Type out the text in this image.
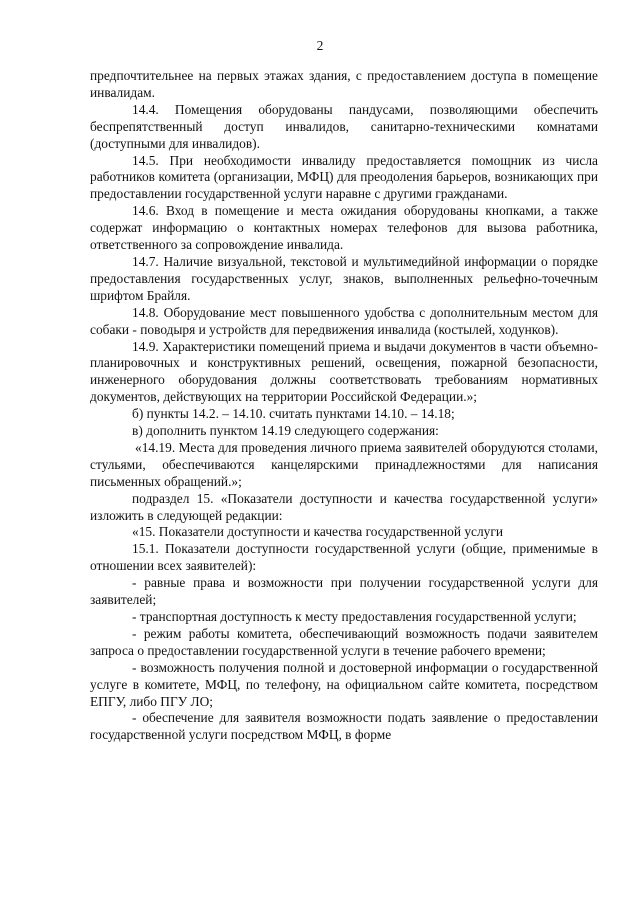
2

предпочтительнее на первых этажах здания, с предоставлением доступа в помещение инвалидам.

14.4. Помещения оборудованы пандусами, позволяющими обеспечить беспрепятственный доступ инвалидов, санитарно-техническими комнатами (доступными для инвалидов).

14.5. При необходимости инвалиду предоставляется помощник из числа работников комитета (организации, МФЦ) для преодоления барьеров, возникающих при предоставлении государственной услуги наравне с другими гражданами.

14.6. Вход в помещение и места ожидания оборудованы кнопками, а также содержат информацию о контактных номерах телефонов для вызова работника, ответственного за сопровождение инвалида.

14.7. Наличие визуальной, текстовой и мультимедийной информации о порядке предоставления государственных услуг, знаков, выполненных рельефно-точечным шрифтом Брайля.

14.8. Оборудование мест повышенного удобства с дополнительным местом для собаки - поводыря и устройств для передвижения инвалида (костылей, ходунков).

14.9. Характеристики помещений приема и выдачи документов в части объемно-планировочных и конструктивных решений, освещения, пожарной безопасности, инженерного оборудования должны соответствовать требованиям нормативных документов, действующих на территории Российской Федерации.»;

б) пункты 14.2. – 14.10. считать пунктами 14.10. – 14.18;

в) дополнить пунктом 14.19 следующего содержания:

«14.19. Места для проведения личного приема заявителей оборудуются столами, стульями, обеспечиваются канцелярскими принадлежностями для написания письменных обращений.»;

подраздел 15. «Показатели доступности и качества государственной услуги» изложить в следующей редакции:

«15. Показатели доступности и качества государственной услуги

15.1. Показатели доступности государственной услуги (общие, применимые в отношении всех заявителей):

- равные права и возможности при получении государственной услуги для заявителей;

- транспортная доступность к месту предоставления государственной услуги;

- режим работы комитета, обеспечивающий возможность подачи заявителем запроса о предоставлении государственной услуги в течение рабочего времени;

- возможность получения полной и достоверной информации о государственной услуге в комитете, МФЦ, по телефону, на официальном сайте комитета, посредством ЕПГУ, либо ПГУ ЛО;

- обеспечение для заявителя возможности подать заявление о предоставлении государственной услуги посредством МФЦ, в форме
